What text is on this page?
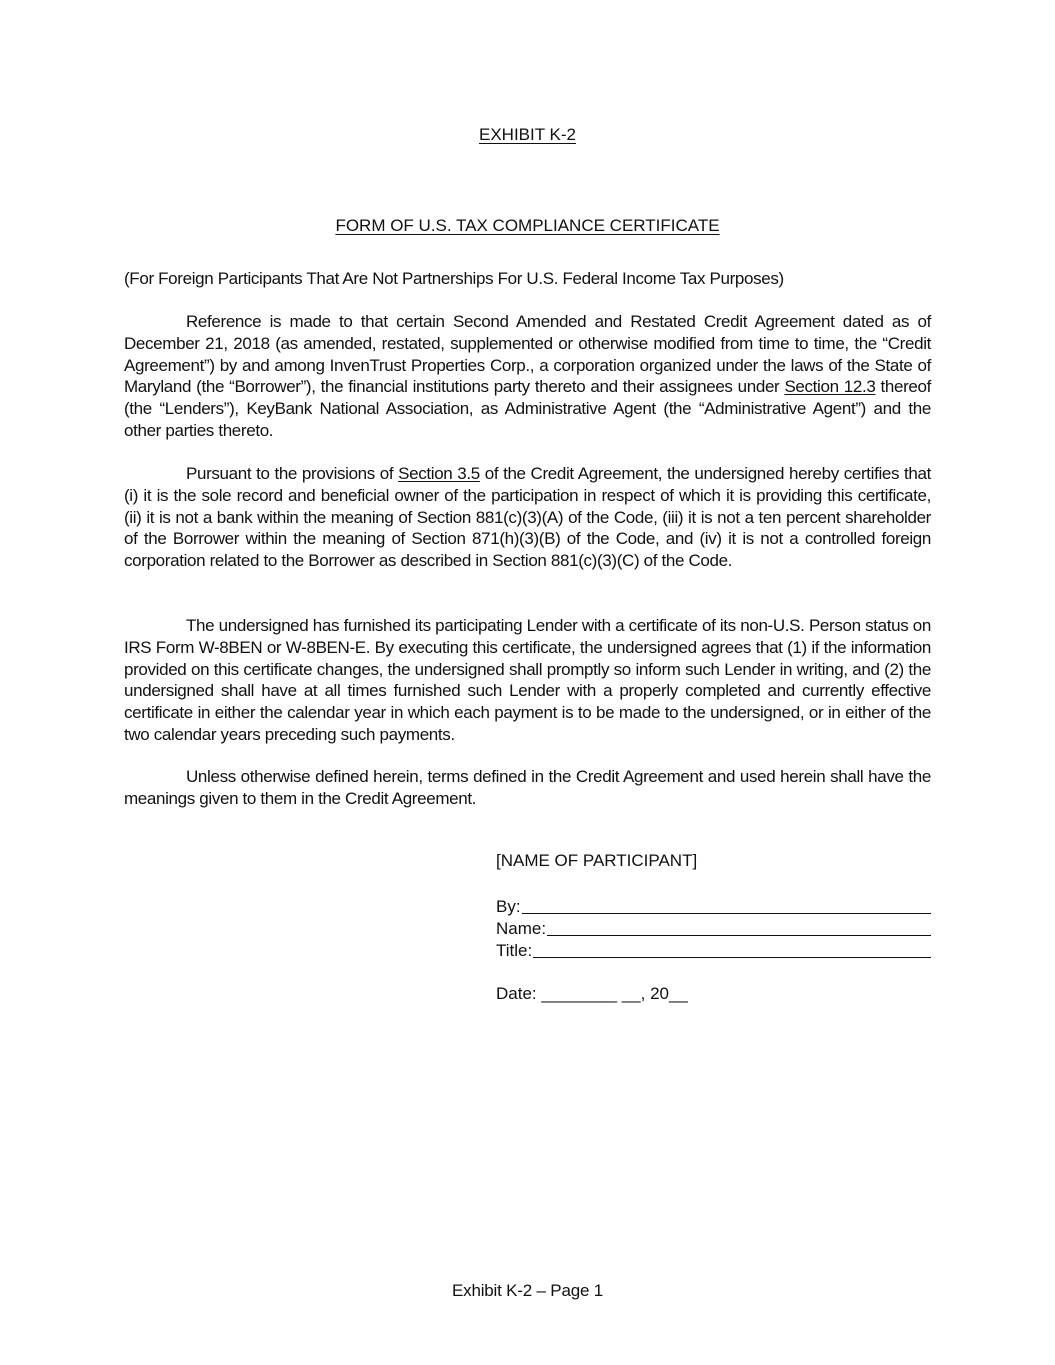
EXHIBIT K-2
FORM OF U.S. TAX COMPLIANCE CERTIFICATE
(For Foreign Participants That Are Not Partnerships For U.S. Federal Income Tax Purposes)

Reference is made to that certain Second Amended and Restated Credit Agreement dated as of December 21, 2018 (as amended, restated, supplemented or otherwise modified from time to time, the “Credit Agreement”) by and among InvenTrust Properties Corp., a corporation organized under the laws of the State of Maryland (the “Borrower”), the financial institutions party thereto and their assignees under Section 12.3 thereof (the “Lenders”), KeyBank National Association, as Administrative Agent (the “Administrative Agent”) and the other parties thereto.

Pursuant to the provisions of Section 3.5 of the Credit Agreement, the undersigned hereby certifies that (i) it is the sole record and beneficial owner of the participation in respect of which it is providing this certificate, (ii) it is not a bank within the meaning of Section 881(c)(3)(A) of the Code, (iii) it is not a ten percent shareholder of the Borrower within the meaning of Section 871(h)(3)(B) of the Code, and (iv) it is not a controlled foreign corporation related to the Borrower as described in Section 881(c)(3)(C) of the Code.

The undersigned has furnished its participating Lender with a certificate of its non-U.S. Person status on IRS Form W-8BEN or W-8BEN-E. By executing this certificate, the undersigned agrees that (1) if the information provided on this certificate changes, the undersigned shall promptly so inform such Lender in writing, and (2) the undersigned shall have at all times furnished such Lender with a properly completed and currently effective certificate in either the calendar year in which each payment is to be made to the undersigned, or in either of the two calendar years preceding such payments.

Unless otherwise defined herein, terms defined in the Credit Agreement and used herein shall have the meanings given to them in the Credit Agreement.

[NAME OF PARTICIPANT]
By:
Name:
Title:
Date: ________ __, 20__
Exhibit K-2 – Page 1
